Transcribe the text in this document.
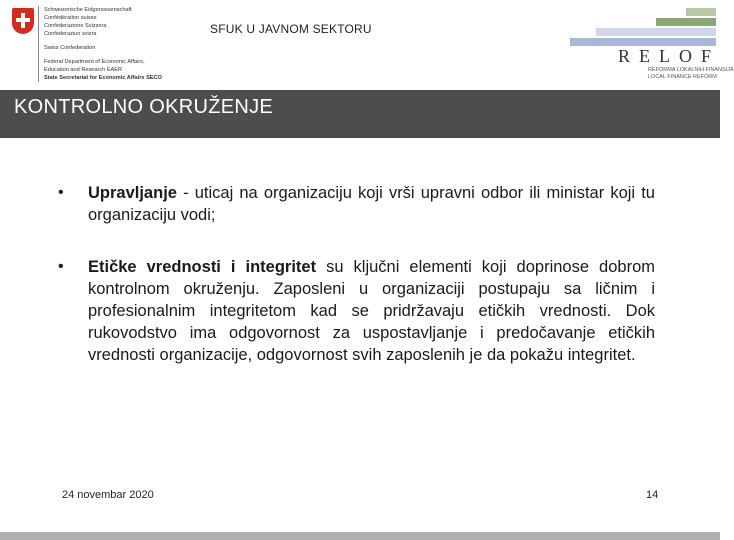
Schweizerische Eidgenossenschaft
Confédération suisse
Confederazione Svizzera
Confederaziun svizra
Swiss Confederation
Federal Department of Economic Affairs,
Education and Research EAER
State Secretariat for Economic Affairs SECO
SFUK U JAVNOM SEKTORU
RELOF
REFORMA LOKALNIH FINANSIJA
LOCAL FINANCE REFORM
KONTROLNO OKRUŽENJE
• Upravljanje - uticaj na organizaciju koji vrši upravni odbor ili ministar koji tu organizaciju vodi;
• Etičke vrednosti i integritet su ključni elementi koji doprinose dobrom kontrolnom okruženju. Zaposleni u organizaciji postupaju sa ličnim i profesionalnim integritetom kad se pridržavaju etičkih vrednosti. Dok rukovodstvo ima odgovornost za uspostavljanje i predočavanje etičkih vrednosti organizacije, odgovornost svih zaposlenih je da pokažu integritet.
24 novembar 2020	14
